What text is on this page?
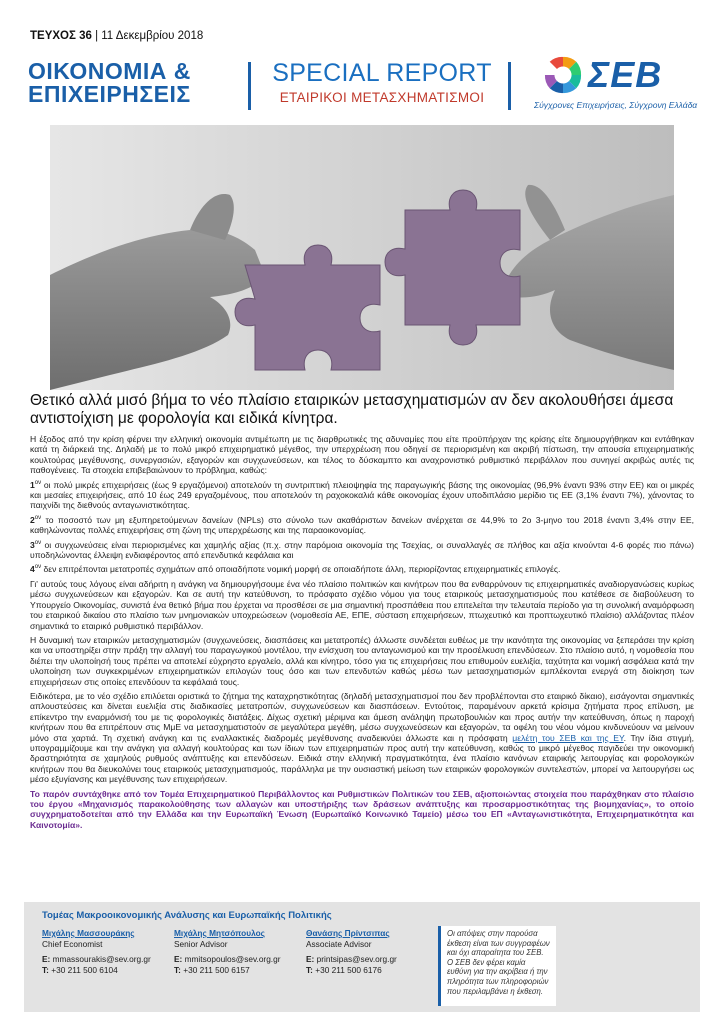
ΤΕΥΧΟΣ 36 | 11 Δεκεμβρίου 2018
ΟΙΚΟΝΟΜΙΑ &
ΕΠΙΧΕΙΡΗΣΕΙΣ
SPECIAL REPORT
ΕΤΑΙΡΙΚΟΙ ΜΕΤΑΣΧΗΜΑΤΙΣΜΟΙ
ΣΕΒ
Σύγχρονες Επιχειρήσεις, Σύγχρονη Ελλάδα
Θετικό αλλά μισό βήμα το νέο πλαίσιο εταιρικών μετασχηματισμών αν δεν ακολουθήσει άμεσα αντιστοίχιση με φορολογία και ειδικά κίνητρα.

Η έξοδος από την κρίση φέρνει την ελληνική οικονομία αντιμέτωπη με τις διαρθρωτικές της αδυναμίες που είτε προϋπήρχαν της κρίσης είτε δημιουργήθηκαν και εντάθηκαν κατά τη διάρκειά της. Δηλαδή με το πολύ μικρό επιχειρηματικό μέγεθος, την υπερχρέωση που οδηγεί σε περιορισμένη και ακριβή πίστωση, την απουσία επιχειρηματικής κουλτούρας μεγέθυνσης, συνεργασιών, εξαγορών και συγχωνεύσεων, και τέλος το δύσκαμπτο και αναχρονιστικό ρυθμιστικό περιβάλλον που συνηγεί ακριβώς αυτές τις παθογένειες. Τα στοιχεία επιβεβαιώνουν το πρόβλημα, καθώς:

$1^{o\nu}$ οι πολύ μικρές επιχειρήσεις (έως 9 εργαζόμενοι) αποτελούν τη συντριπτική πλειοψηφία της παραγωγικής βάσης της οικονομίας (96,9% έναντι 93% στην ΕΕ) και οι μικρές και μεσαίες επιχειρήσεις, από 10 έως 249 εργαζομένους, που αποτελούν τη ραχοκοκαλιά κάθε οικονομίας έχουν υποδιπλάσιο μερίδιο τις ΕΕ (3,1% έναντι 7%), χάνοντας το παιχνίδι της διεθνούς ανταγωνιστικότητας.

$2^{o\nu}$ το ποσοστό των μη εξυπηρετούμενων δανείων (NPLs) στο σύνολο των ακαθάριστων δανείων ανέρχεται σε 44,9% το 2ο 3-μηνο του 2018 έναντι 3,4% στην ΕΕ, καθηλώνοντας πολλές επιχειρήσεις στη ζώνη της υπερχρέωσης και της παραοικονομίας.

$3^{o\nu}$ οι συγχωνεύσεις είναι περιορισμένες και χαμηλής αξίας (π.χ. στην παρόμοια οικονομία της Τσεχίας, οι συναλλαγές σε πλήθος και αξία κινούνται 4-6 φορές πιο πάνω) υποδηλώνοντας έλλειψη ενδιαφέροντος από επενδυτικά κεφάλαια και

$4^{o\nu}$ δεν επιτρέπονται μετατροπές σχημάτων από οποιαδήποτε νομική μορφή σε οποιαδήποτε άλλη, περιορίζοντας επιχειρηματικές επιλογές.

Γι' αυτούς τους λόγους είναι αδήριτη η ανάγκη να δημιουργήσουμε ένα νέο πλαίσιο πολιτικών και κινήτρων που θα ενθαρρύνουν τις επιχειρηματικές αναδιοργανώσεις κυρίως μέσω συγχωνεύσεων και εξαγορών. Και σε αυτή την κατεύθυνση, το πρόσφατο σχέδιο νόμου για τους εταιρικούς μετασχηματισμούς που κατέθεσε σε διαβούλευση το Υπουργείο Οικονομίας, συνιστά ένα θετικό βήμα που έρχεται να προσθέσει σε μια σημαντική προσπάθεια που επιτελείται την τελευταία περίοδο για τη συνολική αναμόρφωση του εταιρικού δικαίου στο πλαίσιο των μνημονιακών υποχρεώσεων (νομοθεσία ΑΕ, ΕΠΕ, σύσταση επιχειρήσεων, πτωχευτικό και προπτωχευτικό πλαίσιο) αλλάζοντας πλέον σημαντικά το εταιρικό ρυθμιστικό περιβάλλον.

Η δυναμική των εταιρικών μετασχηματισμών (συγχωνεύσεις, διασπάσεις και μετατροπές) άλλωστε συνδέεται ευθέως με την ικανότητα της οικονομίας να ξεπεράσει την κρίση και να υποστηρίξει στην πράξη την αλλαγή του παραγωγικού μοντέλου, την ενίσχυση του ανταγωνισμού και την προσέλκυση επενδύσεων. Στο πλαίσιο αυτό, η νομοθεσία που διέπει την υλοποίησή τους πρέπει να αποτελεί εύχρηστο εργαλείο, αλλά και κίνητρο, τόσο για τις επιχειρήσεις που επιθυμούν ευελιξία, ταχύτητα και νομική ασφάλεια κατά την υλοποίηση των συγκεκριμένων επιχειρηματικών επιλογών τους όσο και των επενδυτών καθώς μέσω των μετασχηματισμών εμπλέκονται ενεργά στη διοίκηση των επιχειρήσεων στις οποίες επενδύουν τα κεφάλαιά τους.

Ειδικότερα, με το νέο σχέδιο επιλύεται οριστικά το ζήτημα της καταχρηστικότητας (δηλαδή μετασχηματισμοί που δεν προβλέπονται στο εταιρικό δίκαιο), εισάγονται σημαντικές απλουστεύσεις και δίνεται ευελιξία στις διαδικασίες μετατροπών, συγχωνεύσεων και διασπάσεων. Εντούτοις, παραμένουν αρκετά κρίσιμα ζητήματα προς επίλυση, με επίκεντρο την εναρμόνισή του με τις φορολογικές διατάξεις. Δίχως σχετική μέριμνα και άμεση ανάληψη πρωτοβουλιών και προς αυτήν την κατεύθυνση, όπως η παροχή κινήτρων που θα επιτρέπουν στις ΜμΕ να μετασχηματιστούν σε μεγαλύτερα μεγέθη, μέσω συγχωνεύσεων και εξαγορών, τα οφέλη του νέου νόμου κινδυνεύουν να μείνουν μόνο στα χαρτιά. Τη σχετική ανάγκη και τις εναλλακτικές διαδρομές μεγέθυνσης αναδεικνύει άλλωστε και η πρόσφατη μελέτη του ΣΕΒ και της ΕΥ. Την ίδια στιγμή, υπογραμμίζουμε και την ανάγκη για αλλαγή κουλτούρας και των ίδιων των επιχειρηματιών προς αυτή την κατεύθυνση, καθώς το μικρό μέγεθος παγιδεύει την οικονομική δραστηριότητα σε χαμηλούς ρυθμούς ανάπτυξης και επενδύσεων. Ειδικά στην ελληνική πραγματικότητα, ένα πλαίσιο κανόνων εταιρικής λειτουργίας και φορολογικών κινήτρων που θα διευκολύνει τους εταιρικούς μετασχηματισμούς, παράλληλα με την ουσιαστική μείωση των εταιρικών φορολογικών συντελεστών, μπορεί να λειτουργήσει ως μέσο εξυγίανσης και μεγέθυνσης των επιχειρήσεων.

Το παρόν συντάχθηκε από τον Τομέα Επιχειρηματικού Περιβάλλοντος και Ρυθμιστικών Πολιτικών του ΣΕΒ, αξιοποιώντας στοιχεία που παράχθηκαν στο πλαίσιο του έργου «Μηχανισμός παρακολούθησης των αλλαγών και υποστήριξης των δράσεων ανάπτυξης και προσαρμοστικότητας της βιομηχανίας», το οποίο συγχρηματοδοτείται από την Ελλάδα και την Ευρωπαϊκή Ένωση (Ευρωπαϊκό Κοινωνικό Ταμείο) μέσω του ΕΠ «Ανταγωνιστικότητα, Επιχειρηματικότητα και Καινοτομία».

Τομέας Μακροοικονομικής Ανάλυσης και Ευρωπαϊκής Πολιτικής
Μιχάλης Μασσουράκης
Chief Economist
E: mmassourakis@sev.org.gr
T: +30 211 500 6104
Μιχάλης Μητσόπουλος
Senior Advisor
E: mmitsopoulos@sev.org.gr
T: +30 211 500 6157
Θανάσης Πρίντσιπας
Associate Advisor
E: printsipas@sev.org.gr
T: +30 211 500 6176
Οι απόψεις στην παρούσα έκθεση είναι των συγγραφέων και όχι απαραίτητα του ΣΕΒ. Ο ΣΕΒ δεν φέρει καμία ευθύνη για την ακρίβεια ή την πληρότητα των πληροφοριών που περιλαμβάνει η έκθεση.
